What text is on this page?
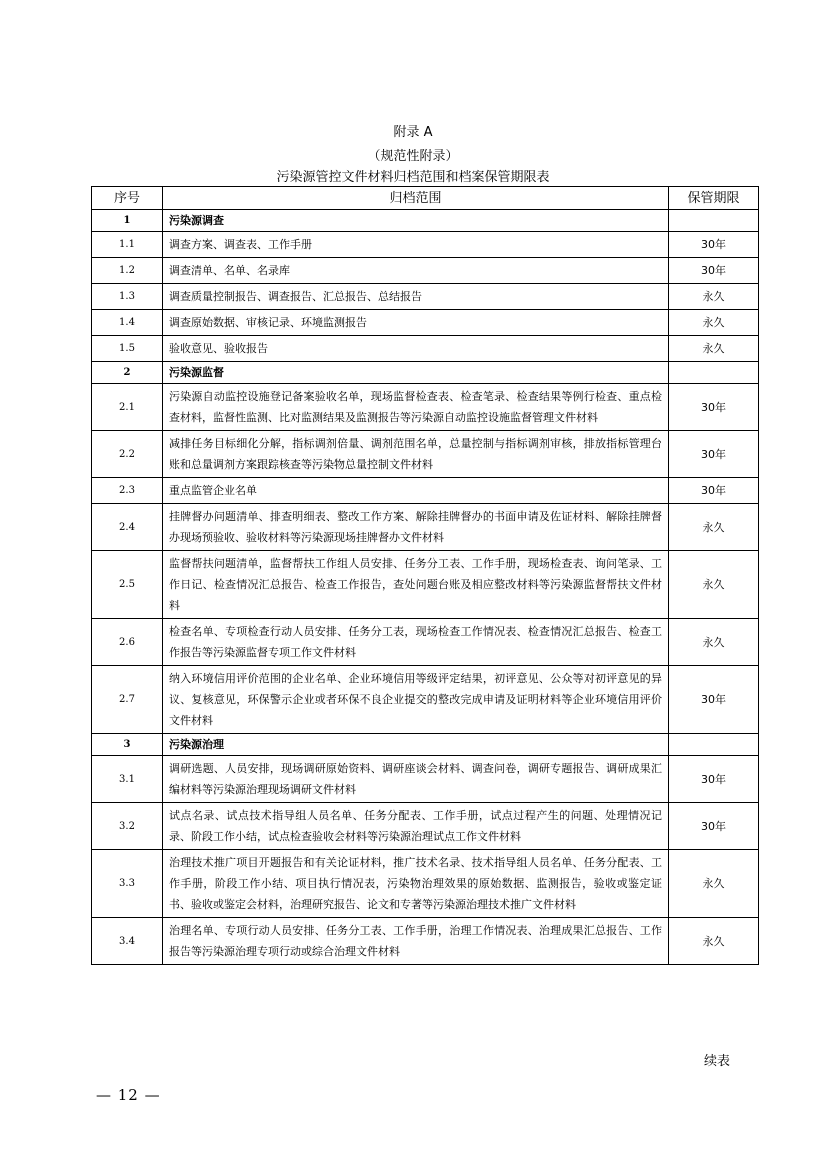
附录 A
（规范性附录）
污染源管控文件材料归档范围和档案保管期限表
序号	归档范围	保管期限
1	污染源调查	
1.1	调查方案、调查表、工作手册	30年
1.2	调查清单、名单、名录库	30年
1.3	调查质量控制报告、调查报告、汇总报告、总结报告	永久
1.4	调查原始数据、审核记录、环境监测报告	永久
1.5	验收意见、验收报告	永久
2	污染源监督	
2.1	污染源自动监控设施登记备案验收名单，现场监督检查表、检查笔录、检查结果等例行检查、重点检查材料，监督性监测、比对监测结果及监测报告等污染源自动监控设施监督管理文件材料	30年
2.2	减排任务目标细化分解，指标调剂倍量、调剂范围名单，总量控制与指标调剂审核，排放指标管理台账和总量调剂方案跟踪核查等污染物总量控制文件材料	30年
2.3	重点监管企业名单	30年
2.4	挂牌督办问题清单、排查明细表、整改工作方案、解除挂牌督办的书面申请及佐证材料、解除挂牌督办现场预验收、验收材料等污染源现场挂牌督办文件材料	永久
2.5	监督帮扶问题清单，监督帮扶工作组人员安排、任务分工表、工作手册，现场检查表、询问笔录、工作日记、检查情况汇总报告、检查工作报告，查处问题台账及相应整改材料等污染源监督帮扶文件材料	永久
2.6	检查名单、专项检查行动人员安排、任务分工表，现场检查工作情况表、检查情况汇总报告、检查工作报告等污染源监督专项工作文件材料	永久
2.7	纳入环境信用评价范围的企业名单、企业环境信用等级评定结果，初评意见、公众等对初评意见的异议、复核意见，环保警示企业或者环保不良企业提交的整改完成申请及证明材料等企业环境信用评价文件材料	30年
3	污染源治理	
3.1	调研选题、人员安排，现场调研原始资料、调研座谈会材料、调查问卷，调研专题报告、调研成果汇编材料等污染源治理现场调研文件材料	30年
3.2	试点名录、试点技术指导组人员名单、任务分配表、工作手册，试点过程产生的问题、处理情况记录、阶段工作小结，试点检查验收会材料等污染源治理试点工作文件材料	30年
3.3	治理技术推广项目开题报告和有关论证材料，推广技术名录、技术指导组人员名单、任务分配表、工作手册，阶段工作小结、项目执行情况表，污染物治理效果的原始数据、监测报告，验收或鉴定证书、验收或鉴定会材料，治理研究报告、论文和专著等污染源治理技术推广文件材料	永久
3.4	治理名单、专项行动人员安排、任务分工表、工作手册，治理工作情况表、治理成果汇总报告、工作报告等污染源治理专项行动或综合治理文件材料	永久
续表
— 12 —
